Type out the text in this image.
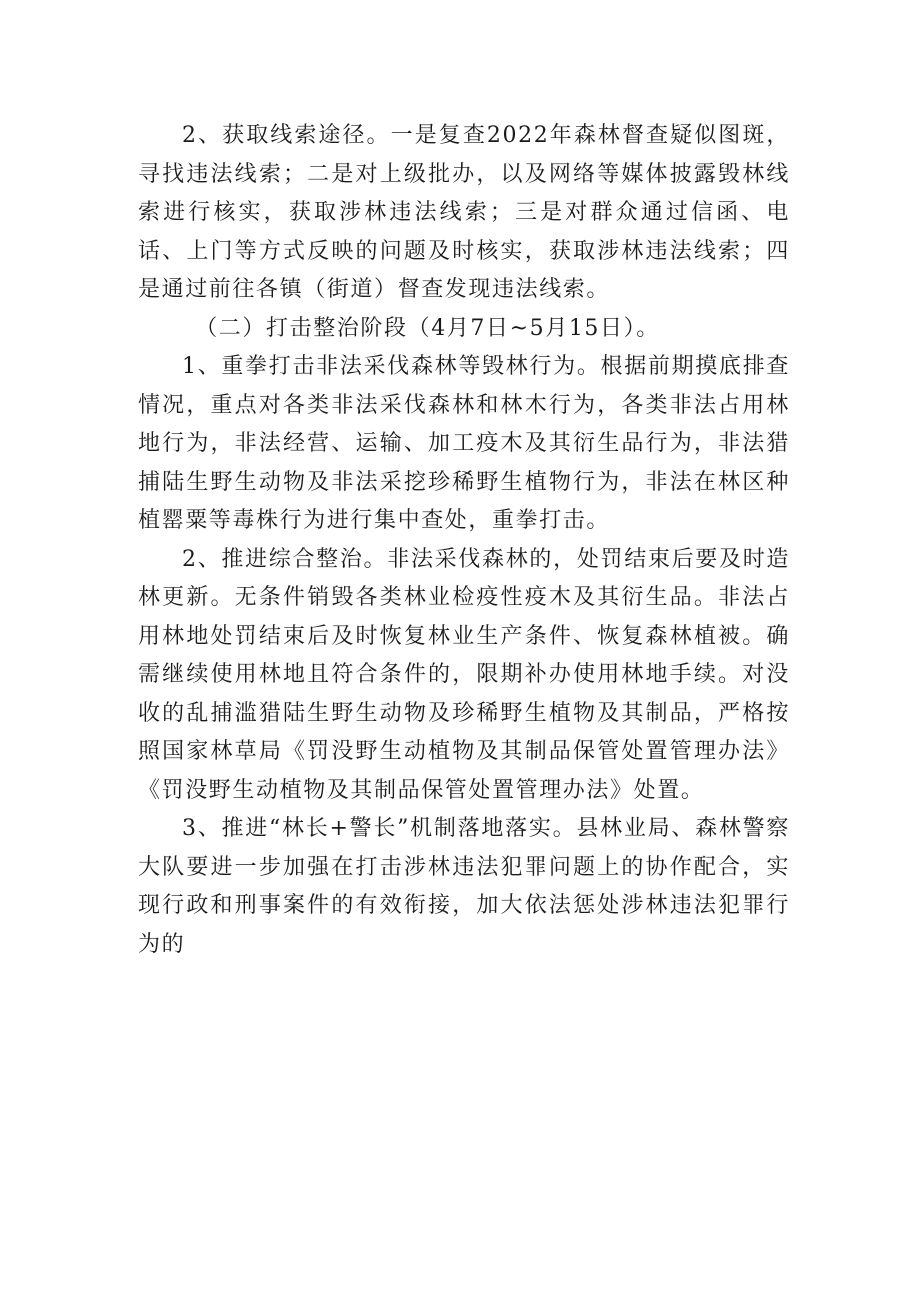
2、获取线索途径。一是复查2022年森林督查疑似图斑，寻找违法线索；二是对上级批办，以及网络等媒体披露毁林线索进行核实，获取涉林违法线索；三是对群众通过信函、电话、上门等方式反映的问题及时核实，获取涉林违法线索；四是通过前往各镇（街道）督查发现违法线索。

（二）打击整治阶段（4月7日~5月15日）。

1、重拳打击非法采伐森林等毁林行为。根据前期摸底排查情况，重点对各类非法采伐森林和林木行为，各类非法占用林地行为，非法经营、运输、加工疫木及其衍生品行为，非法猎捕陆生野生动物及非法采挖珍稀野生植物行为，非法在林区种植罂粟等毒株行为进行集中查处，重拳打击。

2、推进综合整治。非法采伐森林的，处罚结束后要及时造林更新。无条件销毁各类林业检疫性疫木及其衍生品。非法占用林地处罚结束后及时恢复林业生产条件、恢复森林植被。确需继续使用林地且符合条件的，限期补办使用林地手续。对没收的乱捕滥猎陆生野生动物及珍稀野生植物及其制品，严格按照国家林草局《罚没野生动植物及其制品保管处置管理办法》《罚没野生动植物及其制品保管处置管理办法》处置。

3、推进“林长+警长”机制落地落实。县林业局、森林警察大队要进一步加强在打击涉林违法犯罪问题上的协作配合，实现行政和刑事案件的有效衔接，加大依法惩处涉林违法犯罪行为的
